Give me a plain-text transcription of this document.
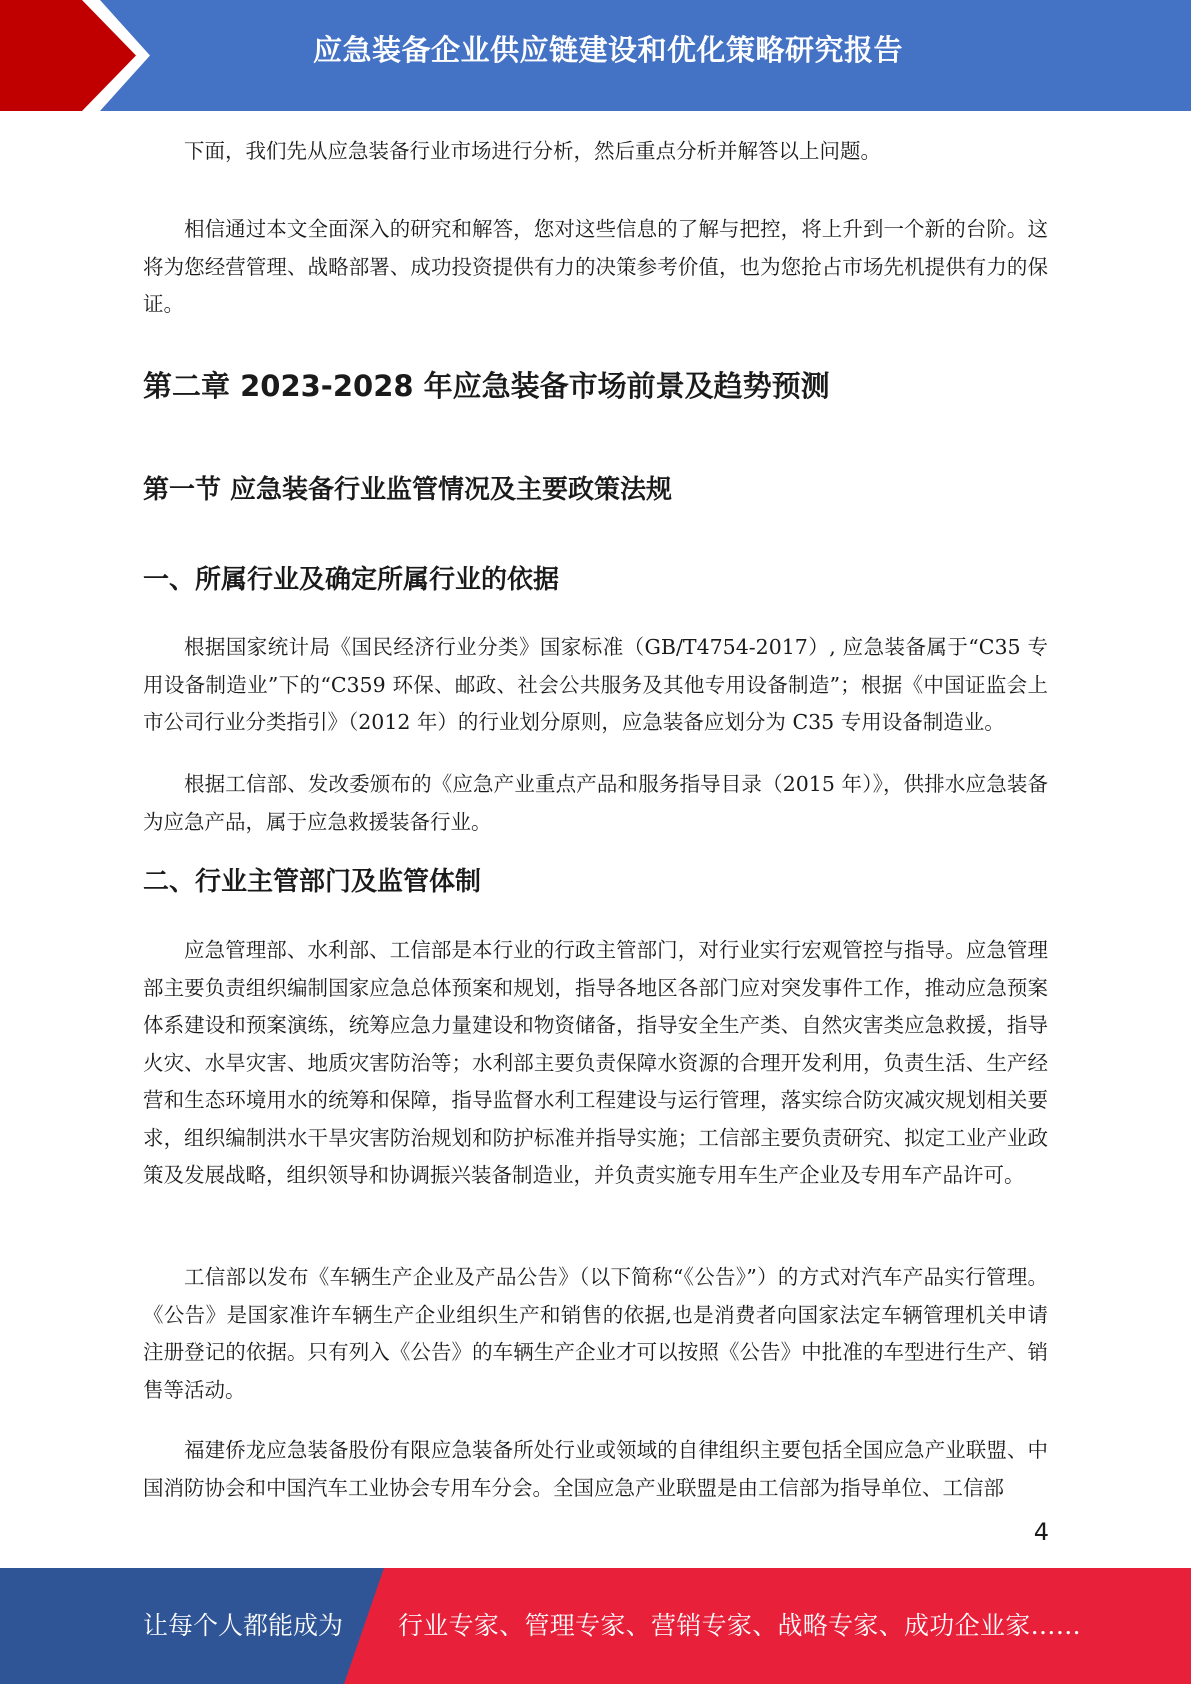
应急装备企业供应链建设和优化策略研究报告

下面，我们先从应急装备行业市场进行分析，然后重点分析并解答以上问题。

相信通过本文全面深入的研究和解答，您对这些信息的了解与把控，将上升到一个新的台阶。这将为您经营管理、战略部署、成功投资提供有力的决策参考价值，也为您抢占市场先机提供有力的保证。

第二章 2023-2028 年应急装备市场前景及趋势预测
第一节 应急装备行业监管情况及主要政策法规
一、所属行业及确定所属行业的依据

根据国家统计局《国民经济行业分类》国家标准（GB/T4754-2017）, 应急装备属于“C35 专用设备制造业”下的“C359 环保、邮政、社会公共服务及其他专用设备制造”；根据《中国证监会上市公司行业分类指引》（2012 年）的行业划分原则，应急装备应划分为 C35 专用设备制造业。

根据工信部、发改委颁布的《应急产业重点产品和服务指导目录（2015 年）》，供排水应急装备为应急产品，属于应急救援装备行业。

二、行业主管部门及监管体制

应急管理部、水利部、工信部是本行业的行政主管部门，对行业实行宏观管控与指导。应急管理部主要负责组织编制国家应急总体预案和规划，指导各地区各部门应对突发事件工作，推动应急预案体系建设和预案演练，统筹应急力量建设和物资储备，指导安全生产类、自然灾害类应急救援，指导火灾、水旱灾害、地质灾害防治等；水利部主要负责保障水资源的合理开发利用，负责生活、生产经营和生态环境用水的统筹和保障，指导监督水利工程建设与运行管理，落实综合防灾减灾规划相关要求，组织编制洪水干旱灾害防治规划和防护标准并指导实施；工信部主要负责研究、拟定工业产业政策及发展战略，组织领导和协调振兴装备制造业，并负责实施专用车生产企业及专用车产品许可。

工信部以发布《车辆生产企业及产品公告》（以下简称“《公告》”）的方式对汽车产品实行管理。《公告》是国家准许车辆生产企业组织生产和销售的依据,也是消费者向国家法定车辆管理机关申请注册登记的依据。只有列入《公告》的车辆生产企业才可以按照《公告》中批准的车型进行生产、销售等活动。

福建侨龙应急装备股份有限应急装备所处行业或领域的自律组织主要包括全国应急产业联盟、中国消防协会和中国汽车工业协会专用车分会。全国应急产业联盟是由工信部为指导单位、工信部

4
让每个人都能成为 行业专家、管理专家、营销专家、战略专家、成功企业家……
